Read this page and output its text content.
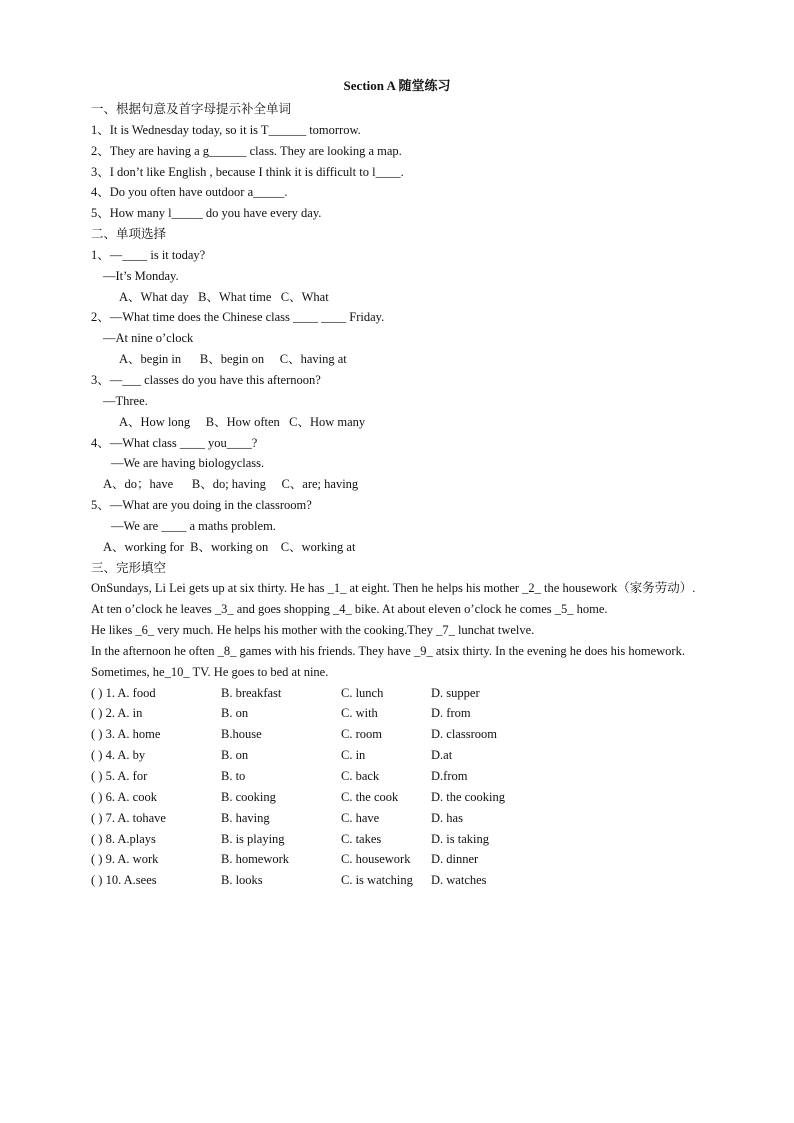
Section A 随堂练习
一、根据句意及首字母提示补全单词
1、It is Wednesday today, so it is T______ tomorrow.
2、They are having a g______ class. They are looking a map.
3、I don’t like English , because I think it is difficult to l____.
4、Do you often have outdoor a_____.
5、How many l_____ do you have every day.
二、单项选择
1、—____ is it today?
—It’s Monday.
A、What day   B、What time   C、What
2、—What time does the Chinese class ____ ____ Friday.
—At nine o’clock
A、begin in      B、begin on     C、having at
3、—___ classes do you have this afternoon?
—Three.
A、How long     B、How often   C、How many
4、—What class ____ you____?
—We are having biologyclass.
A、do；have      B、do; having     C、are; having
5、—What are you doing in the classroom?
—We are ____ a maths problem.
A、working for  B、working on    C、working at
三、完形填空
OnSundays, Li Lei gets up at six thirty. He has _1_ at eight. Then he helps his mother _2_ the housework（家务劳动）. At ten o’clock he leaves _3_ and goes shopping _4_ bike. At about eleven o’clock he comes _5_ home.
He likes _6_ very much. He helps his mother with the cooking.They _7_ lunchat twelve.
In the afternoon he often _8_ games with his friends. They have _9_ atsix thirty. In the evening he does his homework. Sometimes, he_10_ TV. He goes to bed at nine.
( ) 1. A. food	B. breakfast	C. lunch	D. supper
( ) 2. A. in	B. on	C. with	D. from
( ) 3. A. home	B.house	C. room	D. classroom
( ) 4. A. by	B. on	C. in	D.at
( ) 5. A. for	B. to	C. back	D.from
( ) 6. A. cook	B. cooking	C. the cook	D. the cooking
( ) 7. A. tohave	B. having	C. have	D. has
( ) 8. A.plays	B. is playing	C. takes	D. is taking
( ) 9. A. work	B. homework	C. housework	D. dinner
( ) 10. A.sees	B. looks	C. is watching	D. watches
